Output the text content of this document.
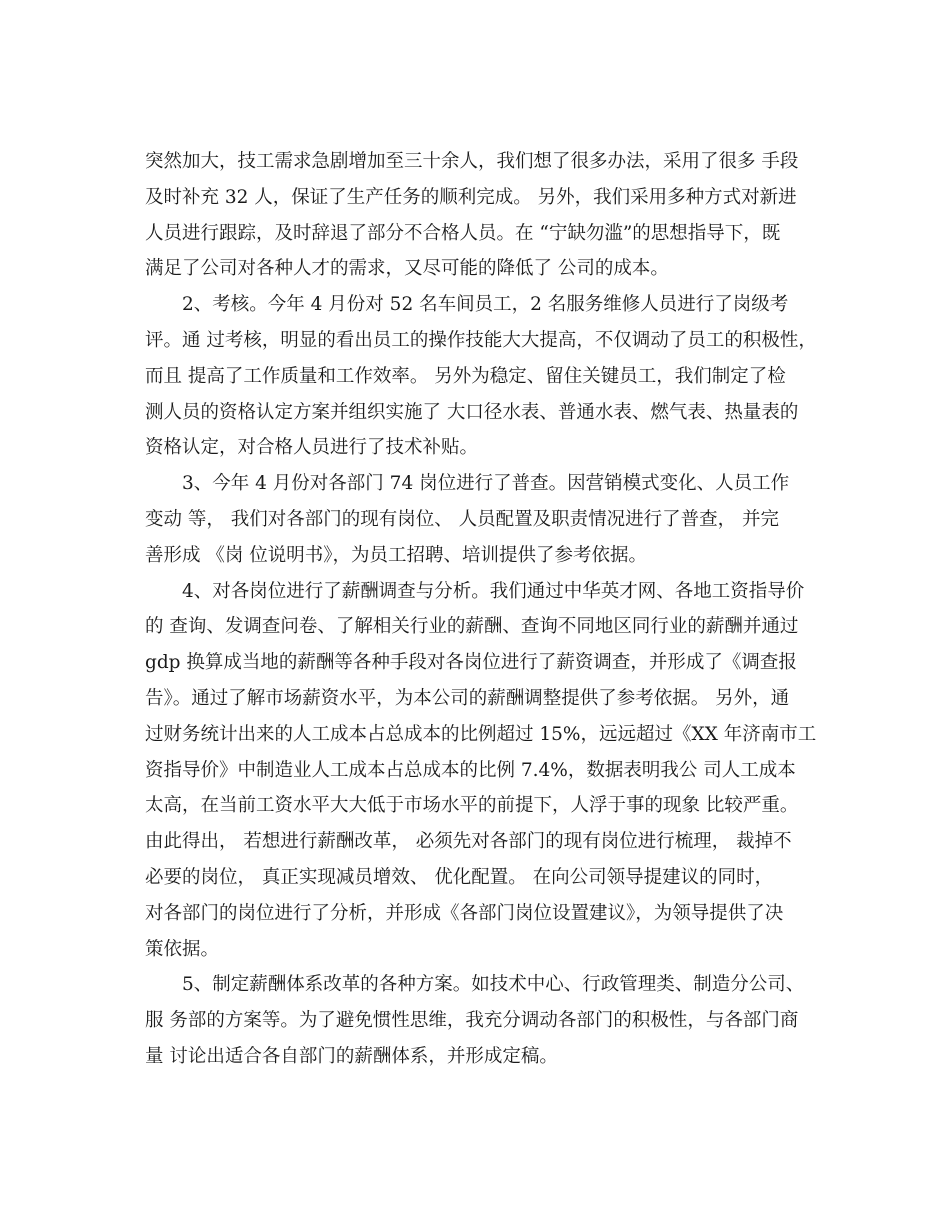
突然加大，技工需求急剧增加至三十余人，我们想了很多办法，采用了很多 手段
及时补充 32 人，保证了生产任务的顺利完成。 另外，我们采用多种方式对新进
人员进行跟踪，及时辞退了部分不合格人员。在 “宁缺勿滥”的思想指导下，既
满足了公司对各种人才的需求，又尽可能的降低了 公司的成本。
2、考核。今年 4 月份对 52 名车间员工，2 名服务维修人员进行了岗级考
评。通 过考核，明显的看出员工的操作技能大大提高，不仅调动了员工的积极性，
而且 提高了工作质量和工作效率。 另外为稳定、留住关键员工，我们制定了检
测人员的资格认定方案并组织实施了 大口径水表、普通水表、燃气表、热量表的
资格认定，对合格人员进行了技术补贴。
3、今年 4 月份对各部门 74 岗位进行了普查。因营销模式变化、人员工作
变动 等， 我们对各部门的现有岗位、 人员配置及职责情况进行了普查， 并完
善形成 《岗 位说明书》，为员工招聘、培训提供了参考依据。
4、对各岗位进行了薪酬调查与分析。我们通过中华英才网、各地工资指导价
的 查询、发调查问卷、了解相关行业的薪酬、查询不同地区同行业的薪酬并通过
gdp 换算成当地的薪酬等各种手段对各岗位进行了薪资调查，并形成了《调查报
告》。通过了解市场薪资水平，为本公司的薪酬调整提供了参考依据。 另外，通
过财务统计出来的人工成本占总成本的比例超过 15%，远远超过《XX 年济南市工
资指导价》中制造业人工成本占总成本的比例 7.4%，数据表明我公 司人工成本
太高，在当前工资水平大大低于市场水平的前提下，人浮于事的现象 比较严重。
由此得出， 若想进行薪酬改革， 必须先对各部门的现有岗位进行梳理， 裁掉不
必要的岗位， 真正实现减员增效、 优化配置。 在向公司领导提建议的同时，
对各部门的岗位进行了分析，并形成《各部门岗位设置建议》，为领导提供了决
策依据。
5、制定薪酬体系改革的各种方案。如技术中心、行政管理类、制造分公司、
服 务部的方案等。为了避免惯性思维，我充分调动各部门的积极性，与各部门商
量 讨论出适合各自部门的薪酬体系，并形成定稿。
